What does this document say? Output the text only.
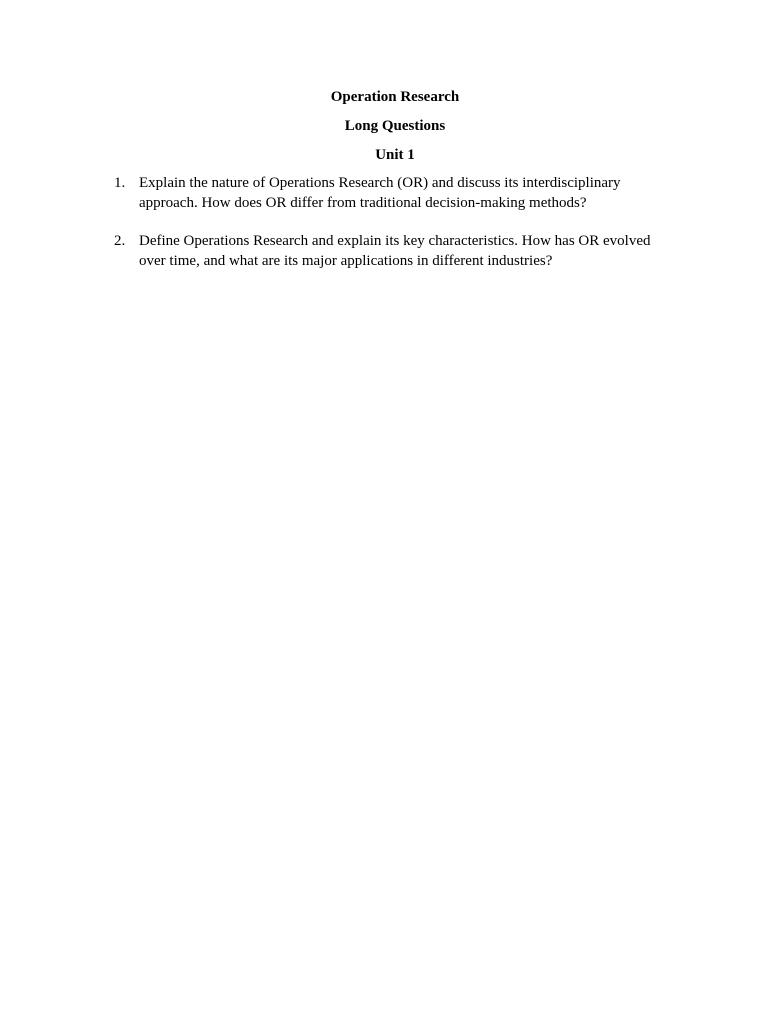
Operation Research
Long Questions
Unit 1
1. Explain the nature of Operations Research (OR) and discuss its interdisciplinary approach. How does OR differ from traditional decision-making methods?
2. Define Operations Research and explain its key characteristics. How has OR evolved over time, and what are its major applications in different industries?
